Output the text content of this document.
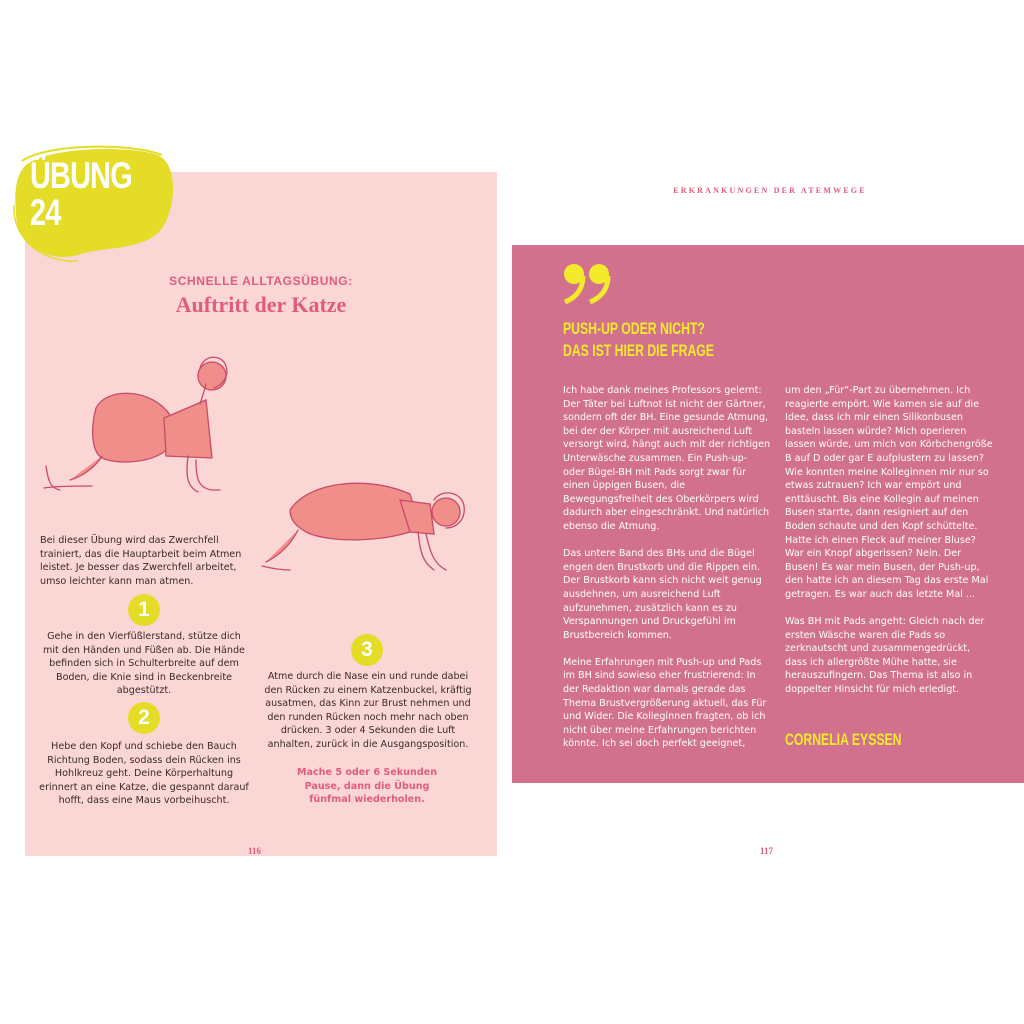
ÜBUNG 24
SCHNELLE ALLTAGSÜBUNG:
Auftritt der Katze
Bei dieser Übung wird das Zwerchfell trainiert, das die Hauptarbeit beim Atmen leistet. Je besser das Zwerchfell arbeitet, umso leichter kann man atmen.
1
Gehe in den Vierfüßlerstand, stütze dich mit den Händen und Füßen ab. Die Hände befinden sich in Schulterbreite auf dem Boden, die Knie sind in Beckenbreite abgestützt.
2
Hebe den Kopf und schiebe den Bauch Richtung Boden, sodass dein Rücken ins Hohlkreuz geht. Deine Körperhaltung erinnert an eine Katze, die gespannt darauf hofft, dass eine Maus vorbeihuscht.
3
Atme durch die Nase ein und runde dabei den Rücken zu einem Katzenbuckel, kräftig ausatmen, das Kinn zur Brust nehmen und den runden Rücken noch mehr nach oben drücken. 3 oder 4 Sekunden die Luft anhalten, zurück in die Ausgangsposition.
Mache 5 oder 6 Sekunden Pause, dann die Übung fünfmal wiederholen.
116
ERKRANKUNGEN DER ATEMWEGE
PUSH-UP ODER NICHT?
DAS IST HIER DIE FRAGE

Ich habe dank meines Professors gelernt: Der Täter bei Luftnot ist nicht der Gärtner, sondern oft der BH. Eine gesunde Atmung, bei der der Körper mit ausreichend Luft versorgt wird, hängt auch mit der richtigen Unterwäsche zusammen. Ein Push-up- oder Bügel-BH mit Pads sorgt zwar für einen üppigen Busen, die Bewegungsfreiheit des Oberkörpers wird dadurch aber eingeschränkt. Und natürlich ebenso die Atmung.

Das untere Band des BHs und die Bügel engen den Brustkorb und die Rippen ein. Der Brustkorb kann sich nicht weit genug ausdehnen, um ausreichend Luft aufzunehmen, zusätzlich kann es zu Verspannungen und Druckgefühl im Brustbereich kommen.

Meine Erfahrungen mit Push-up und Pads im BH sind sowieso eher frustrierend: In der Redaktion war damals gerade das Thema Brustvergrößerung aktuell, das Für und Wider. Die Kolleginnen fragten, ob ich nicht über meine Erfahrungen berichten könnte. Ich sei doch perfekt geeignet,

um den „Für“-Part zu übernehmen. Ich reagierte empört. Wie kamen sie auf die Idee, dass ich mir einen Silikonbusen basteln lassen würde? Mich operieren lassen würde, um mich von Körbchengröße B auf D oder gar E aufplustern zu lassen? Wie konnten meine Kolleginnen mir nur so etwas zutrauen? Ich war empört und enttäuscht. Bis eine Kollegin auf meinen Busen starrte, dann resigniert auf den Boden schaute und den Kopf schüttelte. Hatte ich einen Fleck auf meiner Bluse? War ein Knopf abgerissen? Nein. Der Busen! Es war mein Busen, der Push-up, den hatte ich an diesem Tag das erste Mal getragen. Es war auch das letzte Mal ...

Was BH mit Pads angeht: Gleich nach der ersten Wäsche waren die Pads so zerknautscht und zusammengedrückt, dass ich allergrößte Mühe hatte, sie herauszufingern. Das Thema ist also in doppelter Hinsicht für mich erledigt.

CORNELIA EYSSEN
117
